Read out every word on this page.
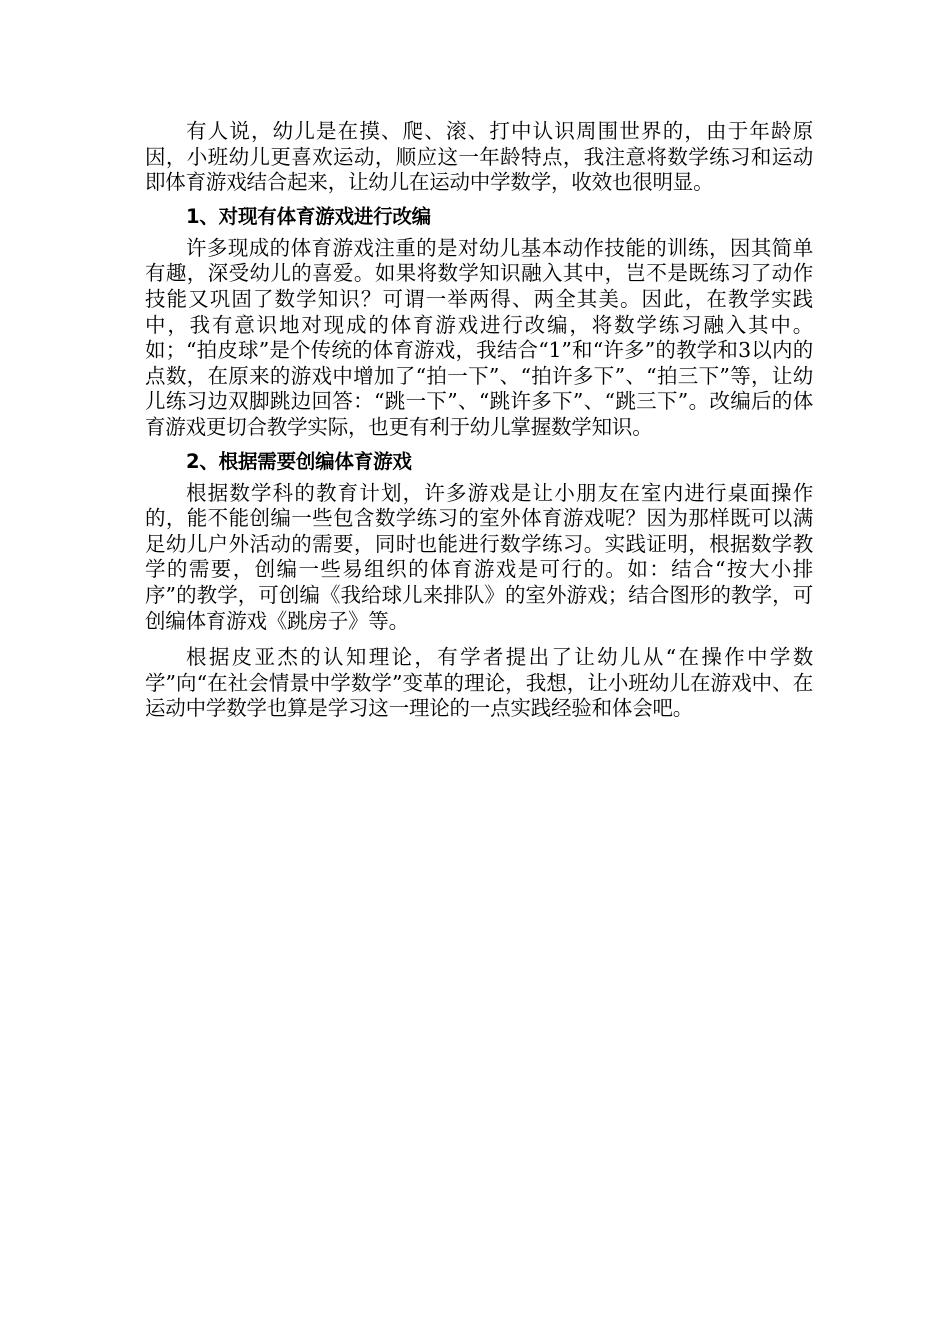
有人说，幼儿是在摸、爬、滚、打中认识周围世界的，由于年龄原因，小班幼儿更喜欢运动，顺应这一年龄特点，我注意将数学练习和运动即体育游戏结合起来，让幼儿在运动中学数学，收效也很明显。

1、对现有体育游戏进行改编

许多现成的体育游戏注重的是对幼儿基本动作技能的训练，因其简单有趣，深受幼儿的喜爱。如果将数学知识融入其中，岂不是既练习了动作技能又巩固了数学知识？可谓一举两得、两全其美。因此，在教学实践中，我有意识地对现成的体育游戏进行改编，将数学练习融入其中。如；“拍皮球”是个传统的体育游戏，我结合“1”和“许多”的教学和3以内的点数，在原来的游戏中增加了“拍一下”、“拍许多下”、“拍三下”等，让幼儿练习边双脚跳边回答：“跳一下”、“跳许多下”、“跳三下”。改编后的体育游戏更切合教学实际，也更有利于幼儿掌握数学知识。

2、根据需要创编体育游戏

根据数学科的教育计划，许多游戏是让小朋友在室内进行桌面操作的，能不能创编一些包含数学练习的室外体育游戏呢？因为那样既可以满足幼儿户外活动的需要，同时也能进行数学练习。实践证明，根据数学教学的需要，创编一些易组织的体育游戏是可行的。如：结合“按大小排序”的教学，可创编《我给球儿来排队》的室外游戏；结合图形的教学，可创编体育游戏《跳房子》等。

根据皮亚杰的认知理论，有学者提出了让幼儿从“在操作中学数学”向“在社会情景中学数学”变革的理论，我想，让小班幼儿在游戏中、在运动中学数学也算是学习这一理论的一点实践经验和体会吧。
